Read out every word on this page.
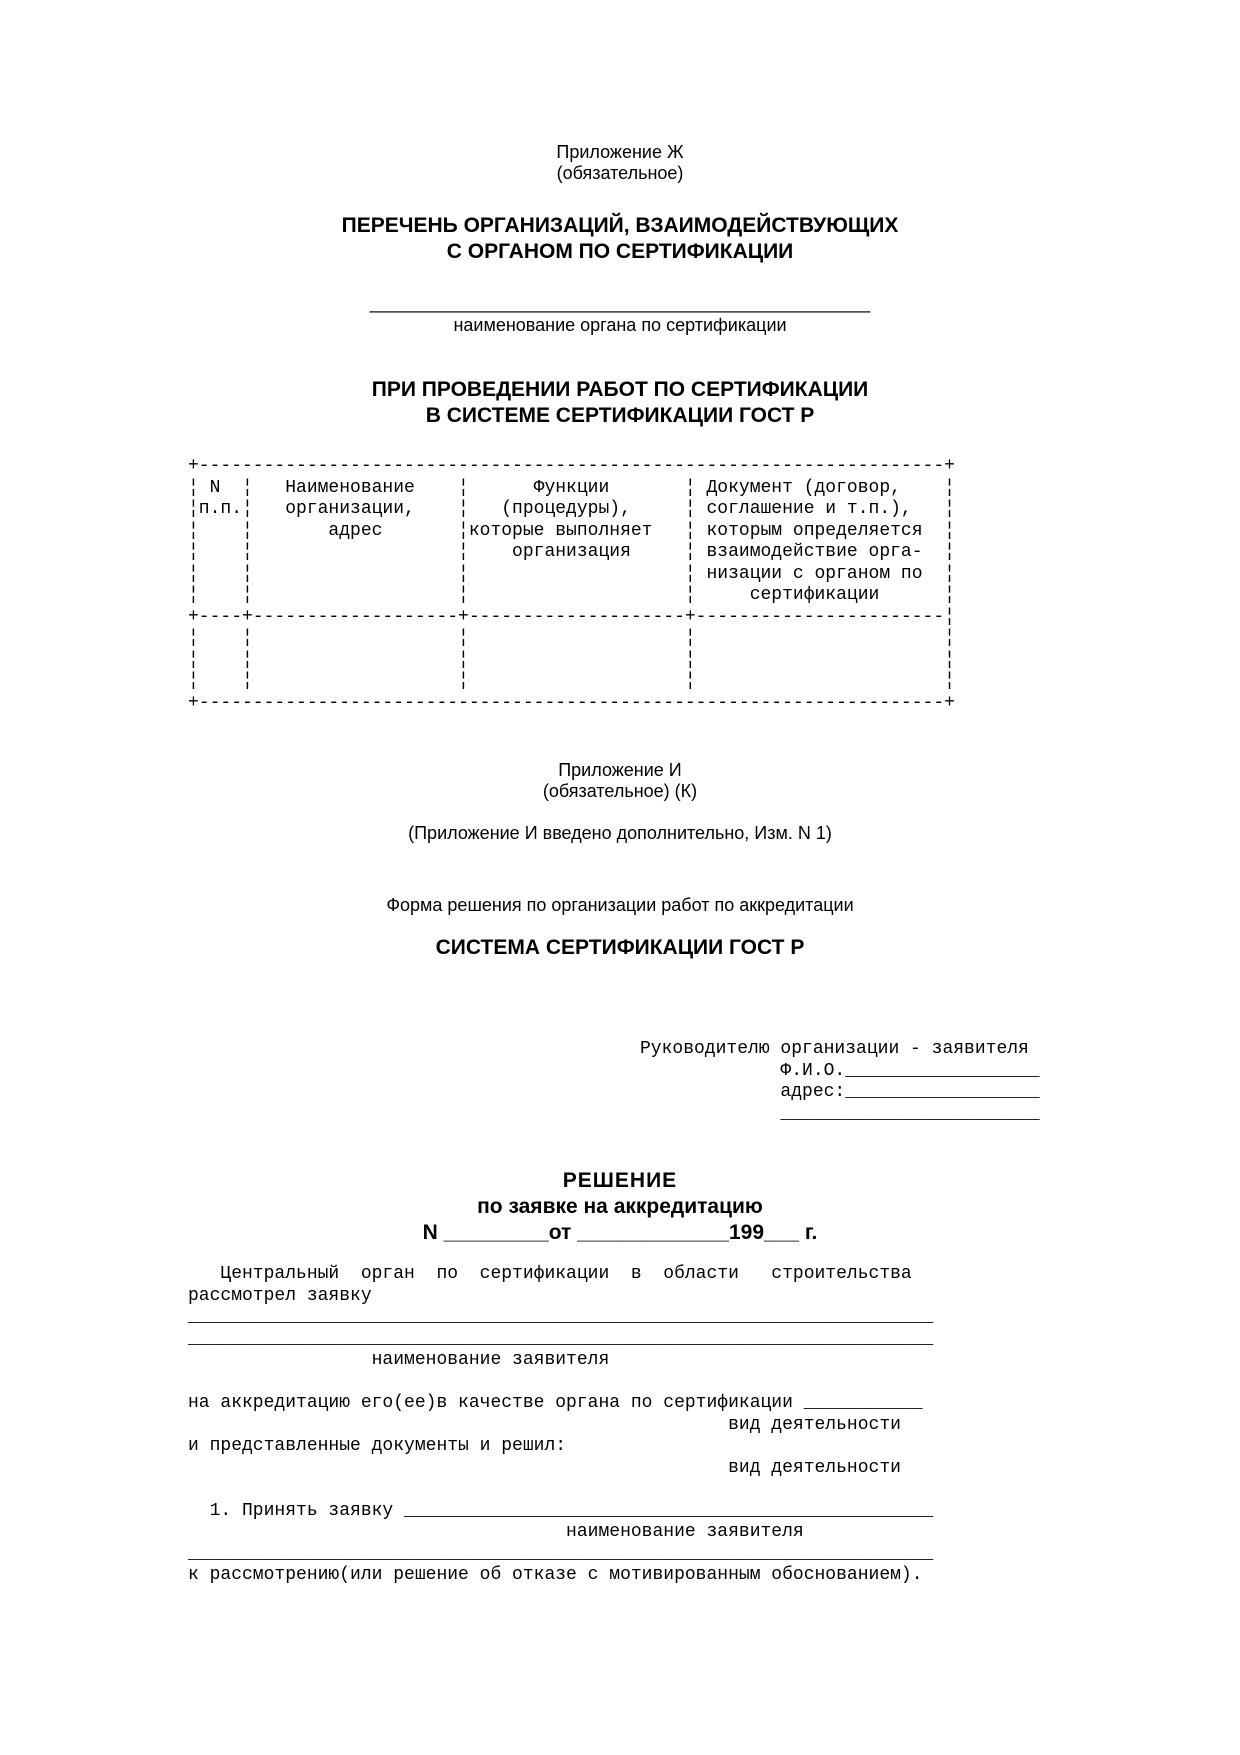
Приложение Ж
(обязательное)
ПЕРЕЧЕНЬ ОРГАНИЗАЦИЙ, ВЗАИМОДЕЙСТВУЮЩИХ
С ОРГАНОМ ПО СЕРТИФИКАЦИИ
__________________________________________________
наименование органа по сертификации
ПРИ ПРОВЕДЕНИИ РАБОТ ПО СЕРТИФИКАЦИИ
В СИСТЕМЕ СЕРТИФИКАЦИИ ГОСТ Р
+---------------------------------------------------------------------+
¦ N  ¦   Наименование    ¦      Функции       ¦ Документ (договор,    ¦
¦п.п.¦   организации,    ¦   (процедуры),     ¦ соглашение и т.п.),   ¦
¦    ¦       адрес       ¦которые выполняет   ¦ которым определяется  ¦
¦    ¦                   ¦    организация     ¦ взаимодействие орга-  ¦
¦    ¦                   ¦                    ¦ низации с органом по  ¦
¦    ¦                   ¦                    ¦     сертификации      ¦
+----+-------------------+--------------------+-----------------------¦
¦    ¦                   ¦                    ¦                       ¦
¦    ¦                   ¦                    ¦                       ¦
¦    ¦                   ¦                    ¦                       ¦
+---------------------------------------------------------------------+
Приложение И
(обязательное) (К)
(Приложение И введено дополнительно, Изм. N 1)
Форма решения по организации работ по аккредитации
СИСТЕМА СЕРТИФИКАЦИИ ГОСТ Р
Руководителю организации - заявителя
Ф.И.О.__________________
адрес:__________________
________________________
РЕШЕНИЕ
по заявке на аккредитацию
N _________от _____________199___ г.
Центральный  орган  по  сертификации  в  области   строительства
рассмотрел заявку
_____________________________________________________________________
_____________________________________________________________________
наименование заявителя

на аккредитацию его(ее)в качестве органа по сертификации ___________
вид деятельности
и представленные документы и решил:
вид деятельности

1. Принять заявку _________________________________________________
наименование заявителя
_____________________________________________________________________
к рассмотрению(или решение об отказе с мотивированным обоснованием).
